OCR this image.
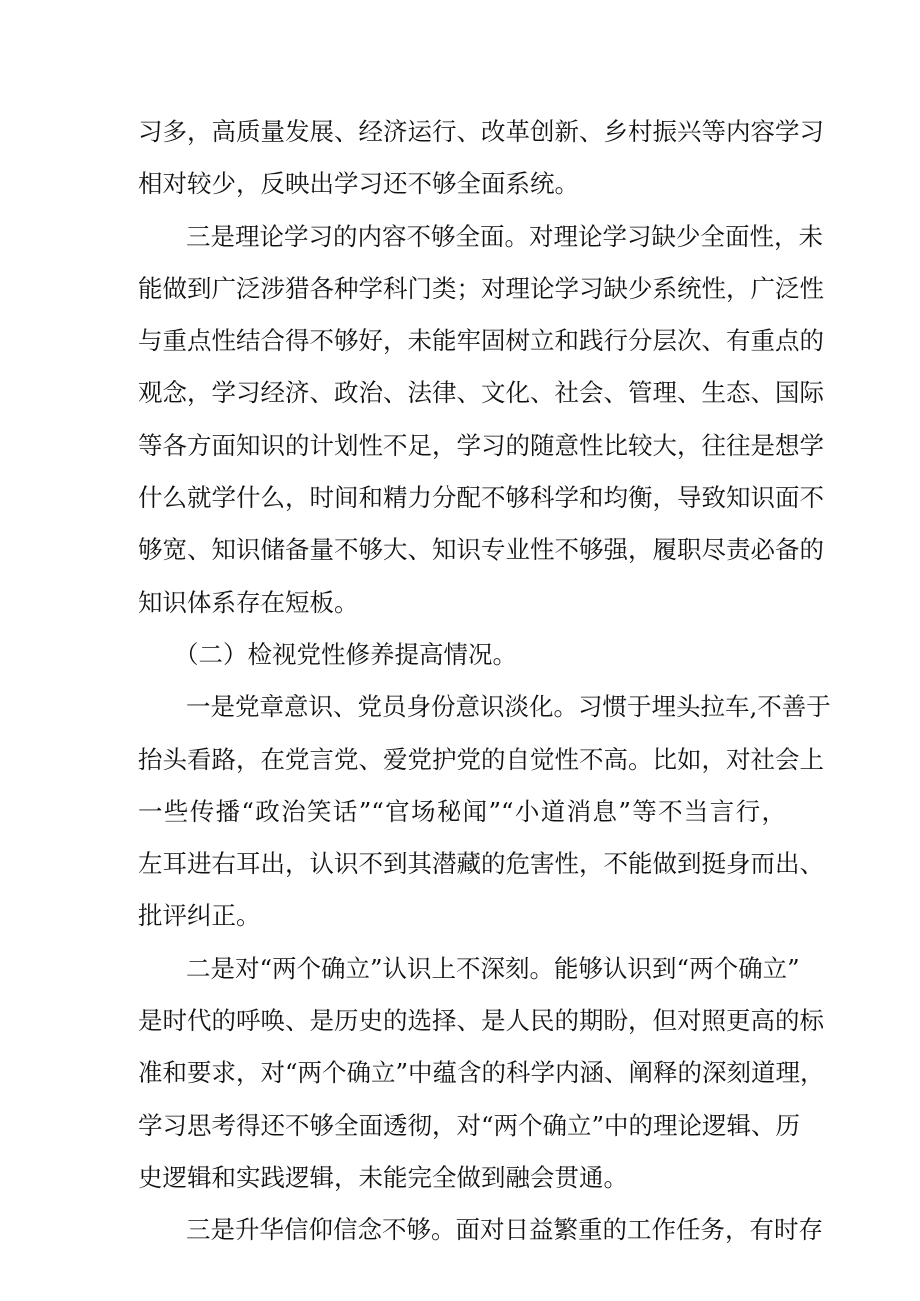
习多，高质量发展、经济运行、改革创新、乡村振兴等内容学习
相对较少，反映出学习还不够全面系统。
三是理论学习的内容不够全面。对理论学习缺少全面性，未
能做到广泛涉猎各种学科门类；对理论学习缺少系统性，广泛性
与重点性结合得不够好，未能牢固树立和践行分层次、有重点的
观念，学习经济、政治、法律、文化、社会、管理、生态、国际
等各方面知识的计划性不足，学习的随意性比较大，往往是想学
什么就学什么，时间和精力分配不够科学和均衡，导致知识面不
够宽、知识储备量不够大、知识专业性不够强，履职尽责必备的
知识体系存在短板。
（二）检视党性修养提高情况。
一是党章意识、党员身份意识淡化。习惯于埋头拉车,不善于
抬头看路，在党言党、爱党护党的自觉性不高。比如，对社会上
一些传播“政治笑话”“官场秘闻”“小道消息”等不当言行，
左耳进右耳出，认识不到其潜藏的危害性，不能做到挺身而出、
批评纠正。
二是对“两个确立”认识上不深刻。能够认识到“两个确立”
是时代的呼唤、是历史的选择、是人民的期盼，但对照更高的标
准和要求，对“两个确立”中蕴含的科学内涵、阐释的深刻道理，
学习思考得还不够全面透彻，对“两个确立”中的理论逻辑、历
史逻辑和实践逻辑，未能完全做到融会贯通。
三是升华信仰信念不够。面对日益繁重的工作任务，有时存
